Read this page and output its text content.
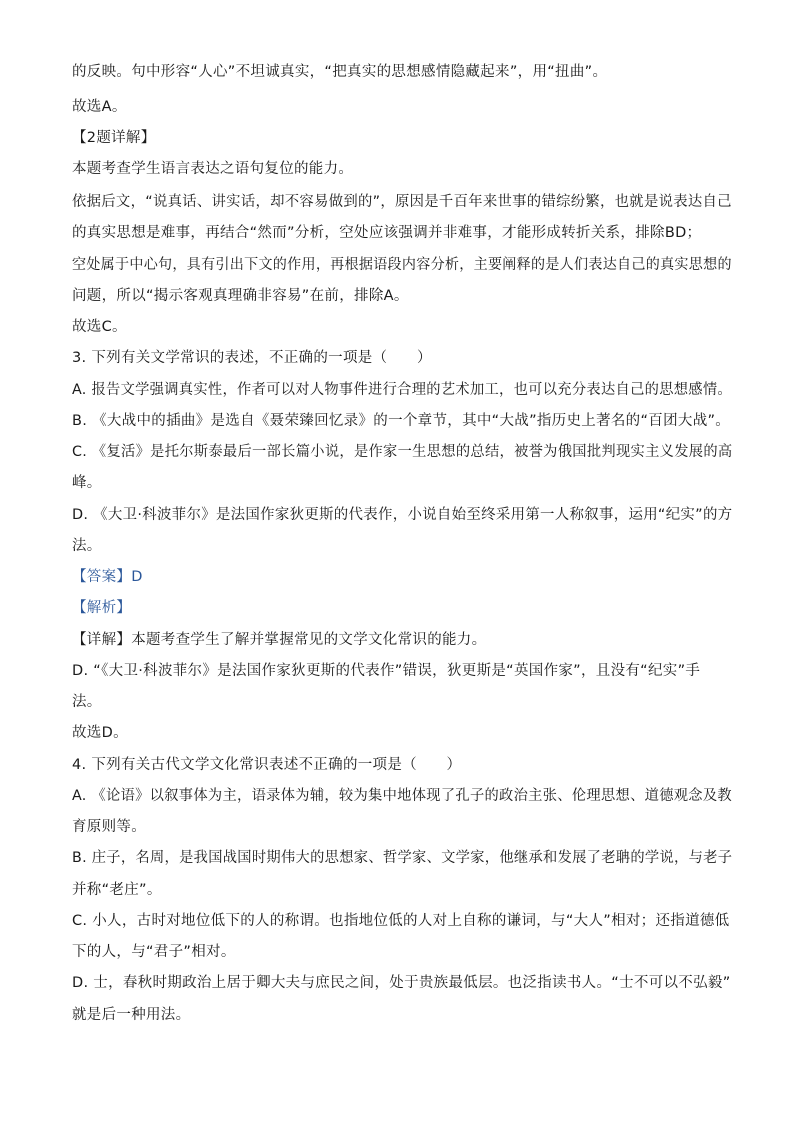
的反映。句中形容“人心”不坦诚真实，“把真实的思想感情隐藏起来”，用“扭曲”。
故选A。
【2题详解】
本题考查学生语言表达之语句复位的能力。
依据后文，“说真话、讲实话，却不容易做到的”，原因是千百年来世事的错综纷繁，也就是说表达自己
的真实思想是难事，再结合“然而”分析，空处应该强调并非难事，才能形成转折关系，排除BD；
空处属于中心句，具有引出下文的作用，再根据语段内容分析，主要阐释的是人们表达自己的真实思想的
问题，所以“揭示客观真理确非容易”在前，排除A。
故选C。
3. 下列有关文学常识的表述，不正确的一项是（　　）
A. 报告文学强调真实性，作者可以对人物事件进行合理的艺术加工，也可以充分表达自己的思想感情。
B. 《大战中的插曲》是选自《聂荣臻回忆录》的一个章节，其中“大战”指历史上著名的“百团大战”。
C. 《复活》是托尔斯泰最后一部长篇小说，是作家一生思想的总结，被誉为俄国批判现实主义发展的高
峰。
D. 《大卫·科波菲尔》是法国作家狄更斯的代表作，小说自始至终采用第一人称叙事，运用“纪实”的方
法。
【答案】D
【解析】
【详解】本题考查学生了解并掌握常见的文学文化常识的能力。
D. “《大卫·科波菲尔》是法国作家狄更斯的代表作”错误，狄更斯是“英国作家”，且没有“纪实”手
法。
故选D。
4. 下列有关古代文学文化常识表述不正确的一项是（　　）
A. 《论语》以叙事体为主，语录体为辅，较为集中地体现了孔子的政治主张、伦理思想、道德观念及教
育原则等。
B. 庄子，名周，是我国战国时期伟大的思想家、哲学家、文学家，他继承和发展了老聃的学说，与老子
并称“老庄”。
C. 小人，古时对地位低下的人的称谓。也指地位低的人对上自称的谦词，与“大人”相对；还指道德低
下的人，与“君子”相对。
D. 士，春秋时期政治上居于卿大夫与庶民之间，处于贵族最低层。也泛指读书人。“士不可以不弘毅”
就是后一种用法。
